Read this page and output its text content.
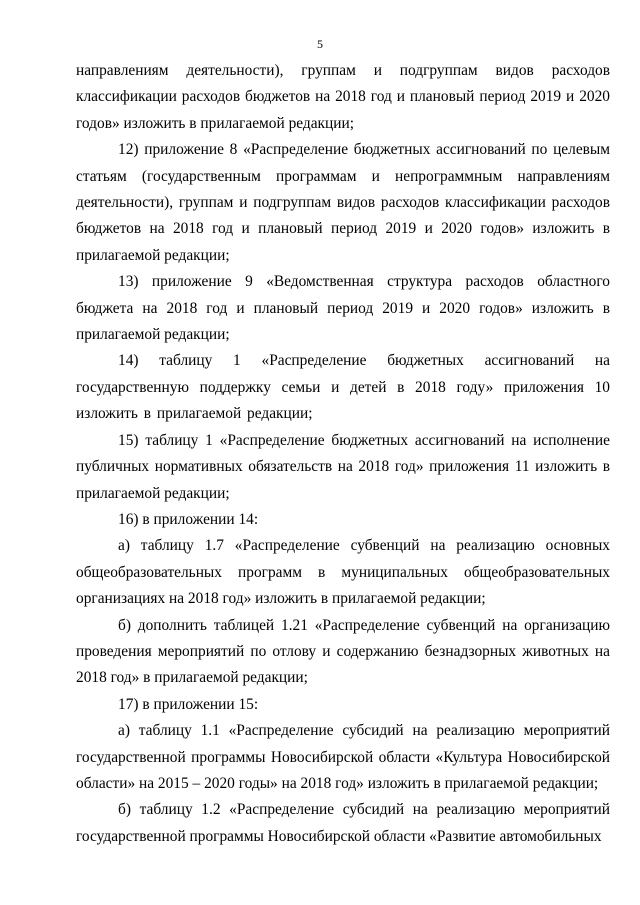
5

направлениям деятельности), группам и подгруппам видов расходов классификации расходов бюджетов на 2018 год и плановый период 2019 и 2020 годов» изложить в прилагаемой редакции;

12) приложение 8 «Распределение бюджетных ассигнований по целевым статьям (государственным программам и непрограммным направлениям деятельности), группам и подгруппам видов расходов классификации расходов бюджетов на 2018 год и плановый период 2019 и 2020 годов» изложить в прилагаемой редакции;

13) приложение 9 «Ведомственная структура расходов областного бюджета на 2018 год и плановый период 2019 и 2020 годов» изложить в прилагаемой редакции;

14) таблицу 1 «Распределение бюджетных ассигнований на государственную поддержку семьи и детей в 2018 году» приложения 10 изложить в прилагаемой редакции;

15) таблицу 1 «Распределение бюджетных ассигнований на исполнение публичных нормативных обязательств на 2018 год» приложения 11 изложить в прилагаемой редакции;

16) в приложении 14:

а) таблицу 1.7 «Распределение субвенций на реализацию основных общеобразовательных программ в муниципальных общеобразовательных организациях на 2018 год» изложить в прилагаемой редакции;

б) дополнить таблицей 1.21 «Распределение субвенций на организацию проведения мероприятий по отлову и содержанию безнадзорных животных на 2018 год» в прилагаемой редакции;

17) в приложении 15:

а) таблицу 1.1 «Распределение субсидий на реализацию мероприятий государственной программы Новосибирской области «Культура Новосибирской области» на 2015 – 2020 годы» на 2018 год» изложить в прилагаемой редакции;

б) таблицу 1.2 «Распределение субсидий на реализацию мероприятий государственной программы Новосибирской области «Развитие автомобильных
